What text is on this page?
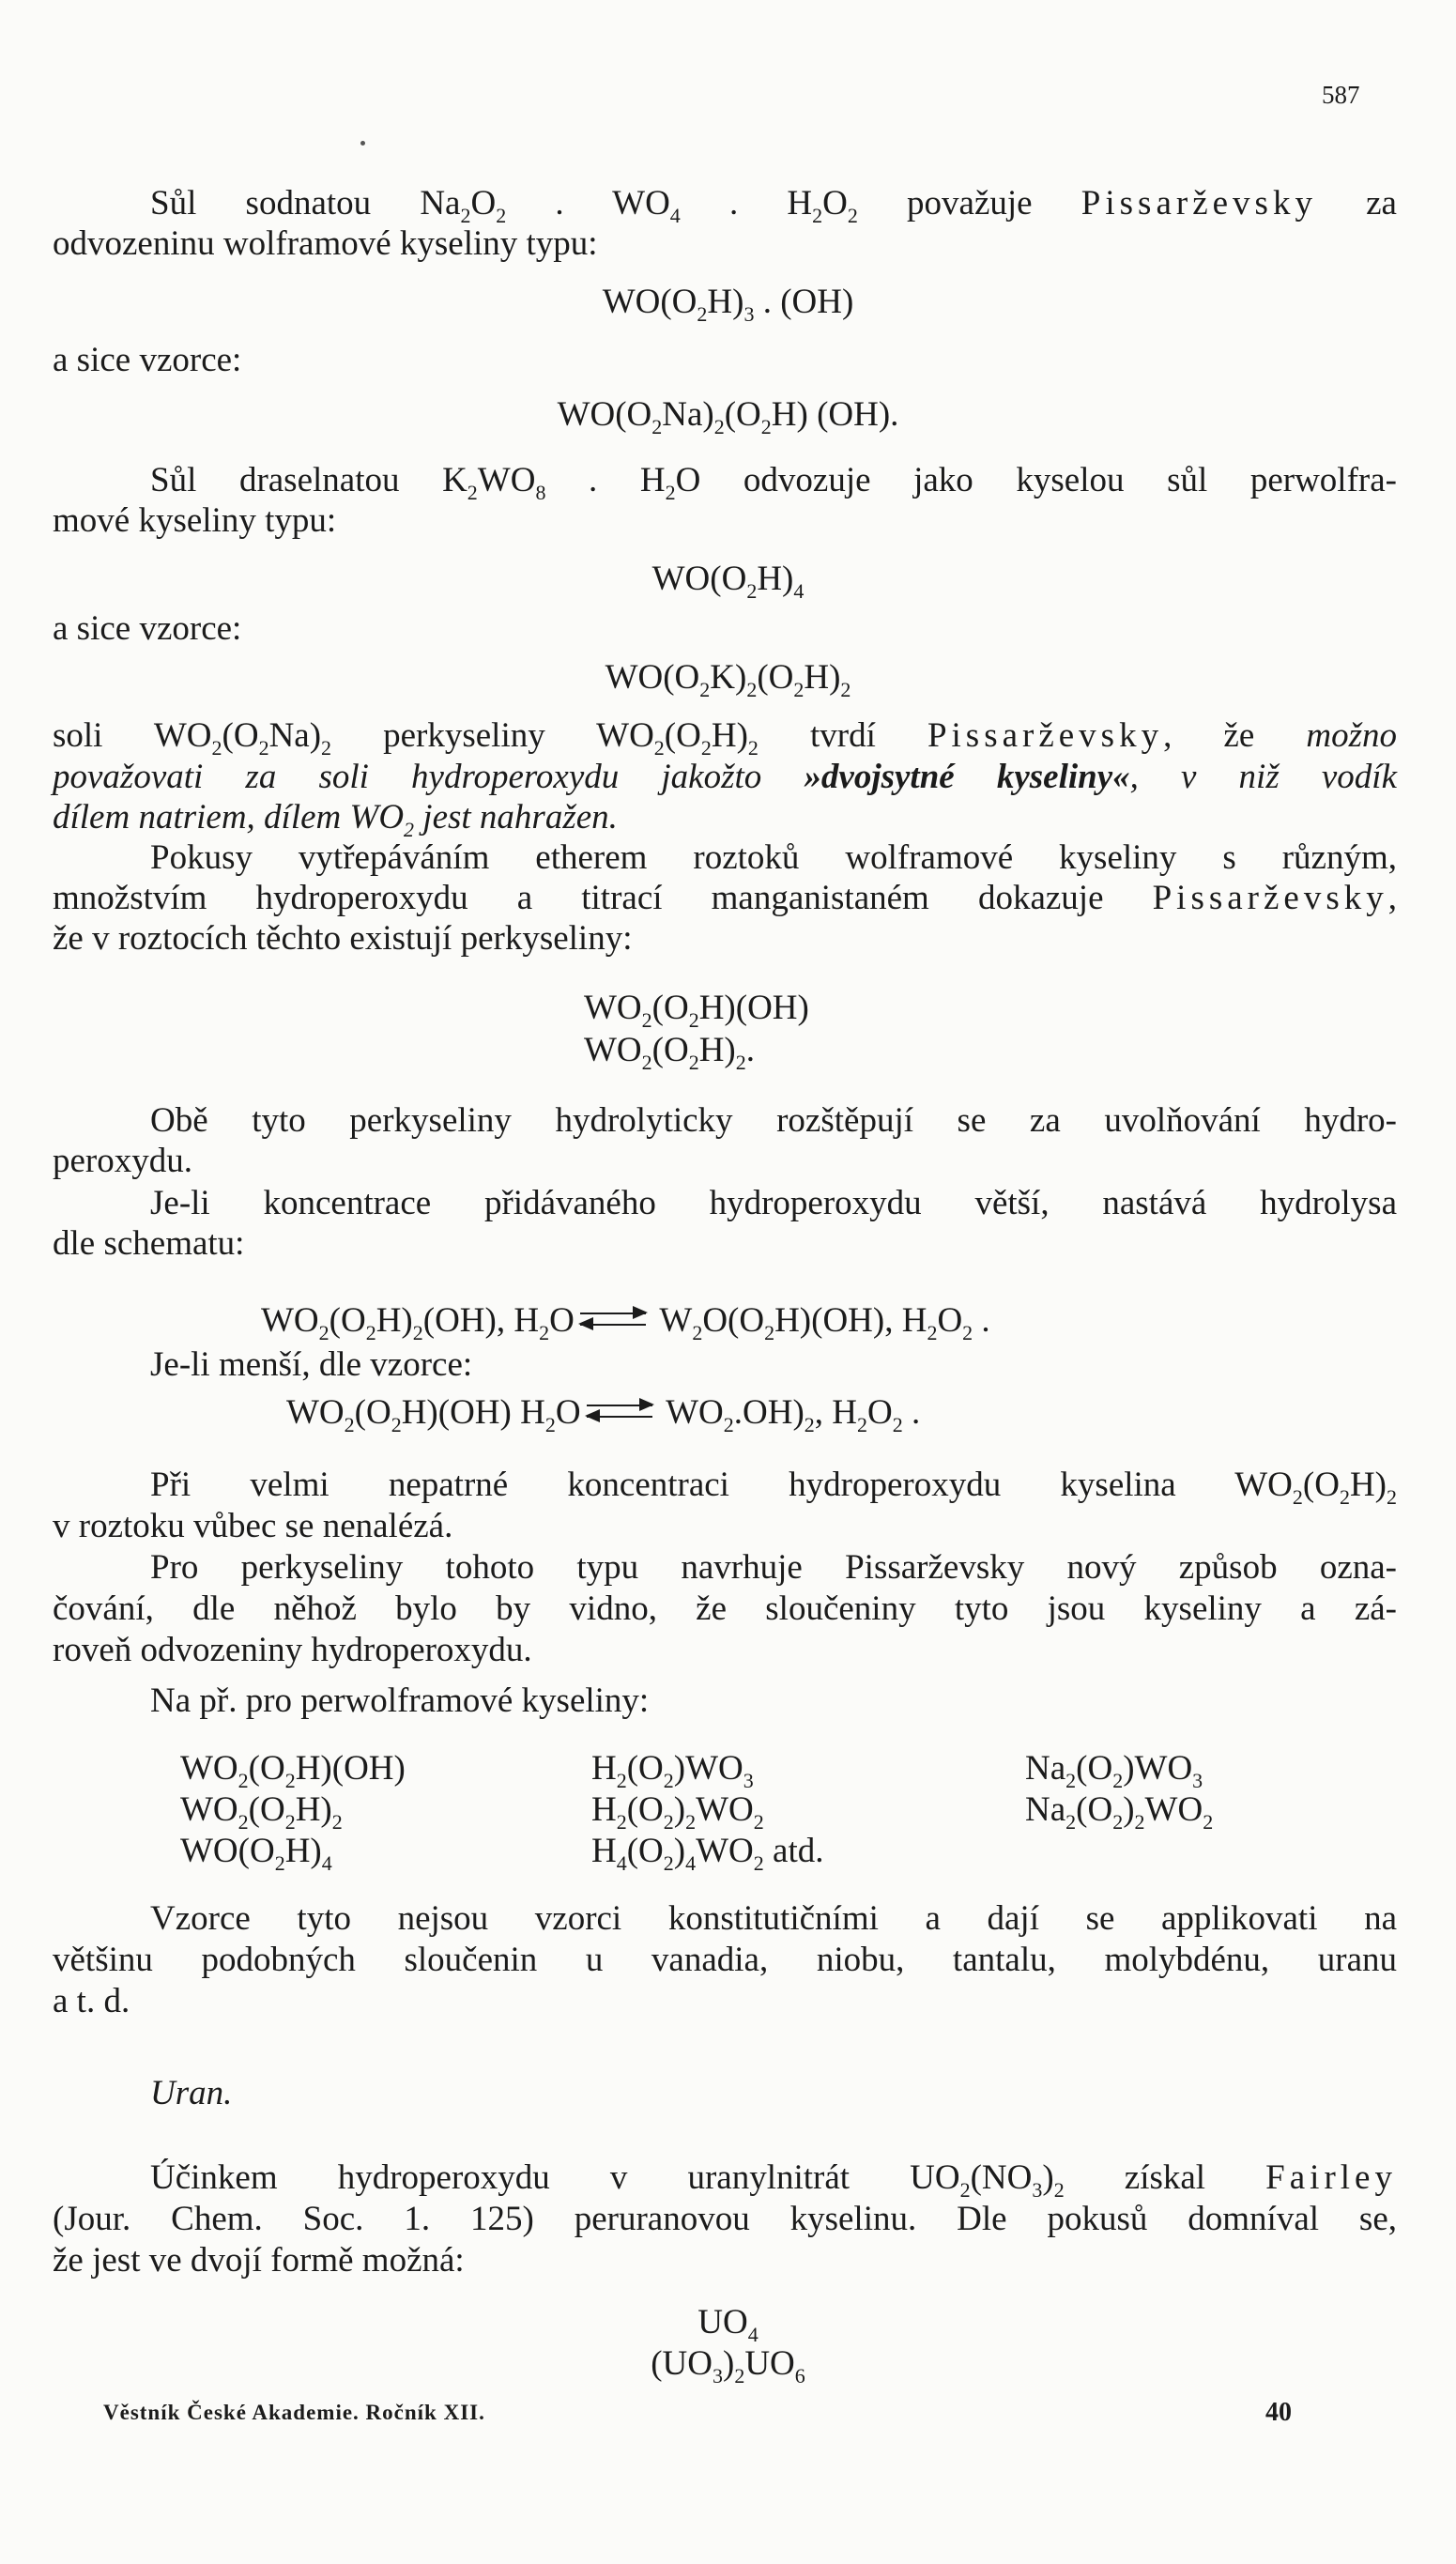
587
Sůl sodnatou $Na_2O_2$ . $WO_4$ . $H_2O_2$ považuje Pissarževsky za
odvozeninu wolframové kyseliny typu:
$WO(O_2H)_3$ . (OH)
a sice vzorce:
$WO(O_2Na)_2(O_2H)$ (OH).
Sůl draselnatou $K_2WO_8$ . $H_2O$ odvozuje jako kyselou sůl perwolfra-
mové kyseliny typu:
$WO(O_2H)_4$
a sice vzorce:
$WO(O_2K)_2(O_2H)_2$
soli $WO_2(O_2Na)_2$ perkyseliny $WO_2(O_2H)_2$ tvrdí Pissarževsky, že možno
považovati za soli hydroperoxydu jakožto »dvojsytné kyseliny«, v niž vodík
dílem natriem, dílem $WO_2$ jest nahražen.
Pokusy vytřepáváním etherem roztoků wolframové kyseliny s různým,
množstvím hydroperoxydu a titrací manganistaném dokazuje Pissarževsky,
že v roztocích těchto existují perkyseliny:
$WO_2(O_2H)(OH)$
$WO_2(O_2H)_2$.
Obě tyto perkyseliny hydrolyticky rozštěpují se za uvolňování hydro-
peroxydu.
Je-li koncentrace přidávaného hydroperoxydu větší, nastává hydrolysa
dle schematu:
$WO_2(O_2H)_2(OH)$, $H_2O$ ⇌ $W_2O(O_2H)(OH)$, $H_2O_2$ .
Je-li menší, dle vzorce:
$WO_2(O_2H)(OH)$ $H_2O$ ⇌ $WO_2.OH)_2$, $H_2O_2$ .
Při velmi nepatrné koncentraci hydroperoxydu kyselina $WO_2(O_2H)_2$
v roztoku vůbec se nenalézá.
Pro perkyseliny tohoto typu navrhuje Pissarževsky nový způsob ozna-
čování, dle něhož bylo by vidno, že sloučeniny tyto jsou kyseliny a zá-
roveň odvozeniny hydroperoxydu.
Na př. pro perwolframové kyseliny:
$WO_2(O_2H)(OH)$
$WO_2(O_2H)_2$
$WO(O_2H)_4$
$H_2(O_2)WO_3$
$H_2(O_2)_2WO_2$
$H_4(O_2)_4WO_2$ atd.
$Na_2(O_2)WO_3$
$Na_2(O_2)_2WO_2$
Vzorce tyto nejsou vzorci konstitutičními a dají se applikovati na
většinu podobných sloučenin u vanadia, niobu, tantalu, molybdénu, uranu
a t. d.
Uran.
Účinkem hydroperoxydu v uranylnitrát $UO_2(NO_3)_2$ získal Fairley
(Jour. Chem. Soc. 1. 125) peruranovou kyselinu. Dle pokusů domníval se,
že jest ve dvojí formě možná:
$UO_4$
$(UO_3)_2UO_6$
Věstník České Akademie. Ročník XII.	40
